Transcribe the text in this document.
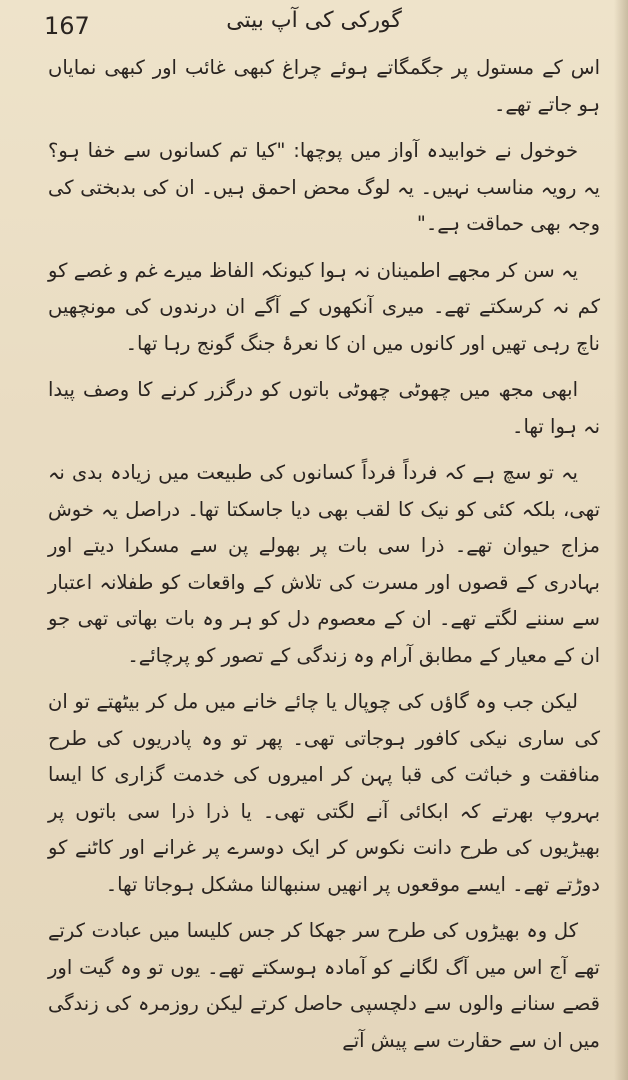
167	گورکی کی آپ بیتی

اس کے مستول پر جگمگاتے ہوئے چراغ کبھی غائب اور کبھی نمایاں ہو جاتے تھے۔

خوخول نے خوابیدہ آواز میں پوچھا: "کیا تم کسانوں سے خفا ہو؟ یہ رویہ مناسب نہیں۔ یہ لوگ محض احمق ہیں۔ ان کی بدبختی کی وجہ بھی حماقت ہے۔"

یہ سن کر مجھے اطمینان نہ ہوا کیونکہ الفاظ میرے غم و غصے کو کم نہ کرسکتے تھے۔ میری آنکھوں کے آگے ان درندوں کی مونچھیں ناچ رہی تھیں اور کانوں میں ان کا نعرۂ جنگ گونج رہا تھا۔

ابھی مجھ میں چھوٹی چھوٹی باتوں کو درگزر کرنے کا وصف پیدا نہ ہوا تھا۔

یہ تو سچ ہے کہ فرداً فرداً کسانوں کی طبیعت میں زیادہ بدی نہ تھی، بلکہ کئی کو نیک کا لقب بھی دیا جاسکتا تھا۔ دراصل یہ خوش مزاج حیوان تھے۔ ذرا سی بات پر بھولے پن سے مسکرا دیتے اور بہادری کے قصوں اور مسرت کی تلاش کے واقعات کو طفلانہ اعتبار سے سننے لگتے تھے۔ ان کے معصوم دل کو ہر وہ بات بھاتی تھی جو ان کے معیار کے مطابق آرام وہ زندگی کے تصور کو پرچائے۔

لیکن جب وہ گاؤں کی چوپال یا چائے خانے میں مل کر بیٹھتے تو ان کی ساری نیکی کافور ہوجاتی تھی۔ پھر تو وہ پادریوں کی طرح منافقت و خباثت کی قبا پہن کر امیروں کی خدمت گزاری کا ایسا بہروپ بھرتے کہ ابکائی آنے لگتی تھی۔ یا ذرا ذرا سی باتوں پر بھیڑیوں کی طرح دانت نکوس کر ایک دوسرے پر غرانے اور کاٹنے کو دوڑتے تھے۔ ایسے موقعوں پر انھیں سنبھالنا مشکل ہوجاتا تھا۔

کل وہ بھیڑوں کی طرح سر جھکا کر جس کلیسا میں عبادت کرتے تھے آج اس میں آگ لگانے کو آمادہ ہوسکتے تھے۔ یوں تو وہ گیت اور قصے سنانے والوں سے دلچسپی حاصل کرتے لیکن روزمرہ کی زندگی میں ان سے حقارت سے پیش آتے
